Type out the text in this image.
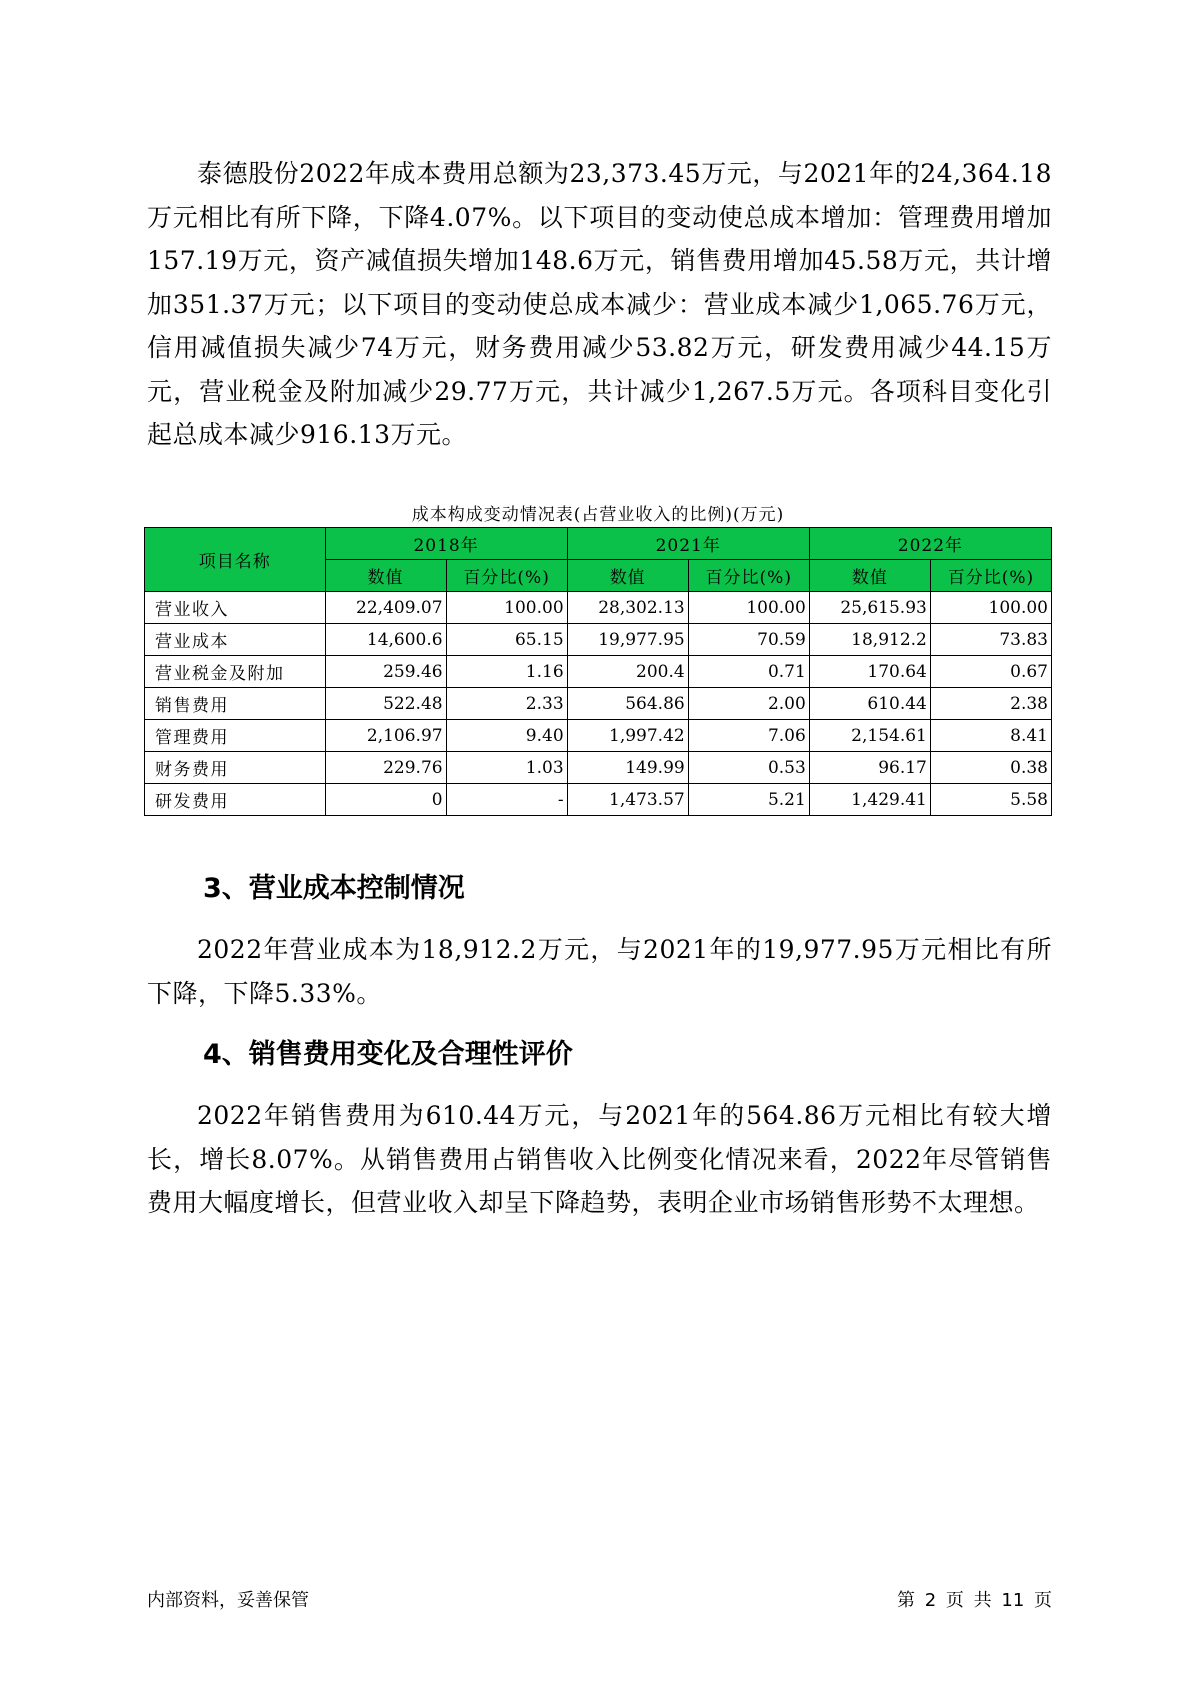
泰德股份2022年成本费用总额为23,373.45万元，与2021年的24,364.18万元相比有所下降，下降4.07%。以下项目的变动使总成本增加：管理费用增加157.19万元，资产减值损失增加148.6万元，销售费用增加45.58万元，共计增加351.37万元；以下项目的变动使总成本减少：营业成本减少1,065.76万元，信用减值损失减少74万元，财务费用减少53.82万元，研发费用减少44.15万元，营业税金及附加减少29.77万元，共计减少1,267.5万元。各项科目变化引起总成本减少916.13万元。

成本构成变动情况表(占营业收入的比例)(万元)
项目名称	2018年		2021年		2022年	
	数值	百分比(%)	数值	百分比(%)	数值	百分比(%)
营业收入	22,409.07	100.00	28,302.13	100.00	25,615.93	100.00
营业成本	14,600.6	65.15	19,977.95	70.59	18,912.2	73.83
营业税金及附加	259.46	1.16	200.4	0.71	170.64	0.67
销售费用	522.48	2.33	564.86	2.00	610.44	2.38
管理费用	2,106.97	9.40	1,997.42	7.06	2,154.61	8.41
财务费用	229.76	1.03	149.99	0.53	96.17	0.38
研发费用	0	-	1,473.57	5.21	1,429.41	5.58
3、营业成本控制情况

2022年营业成本为18,912.2万元，与2021年的19,977.95万元相比有所下降，下降5.33%。

4、销售费用变化及合理性评价

2022年销售费用为610.44万元，与2021年的564.86万元相比有较大增长，增长8.07%。从销售费用占销售收入比例变化情况来看，2022年尽管销售费用大幅度增长，但营业收入却呈下降趋势，表明企业市场销售形势不太理想。

内部资料，妥善保管	第 2 页 共 11 页
